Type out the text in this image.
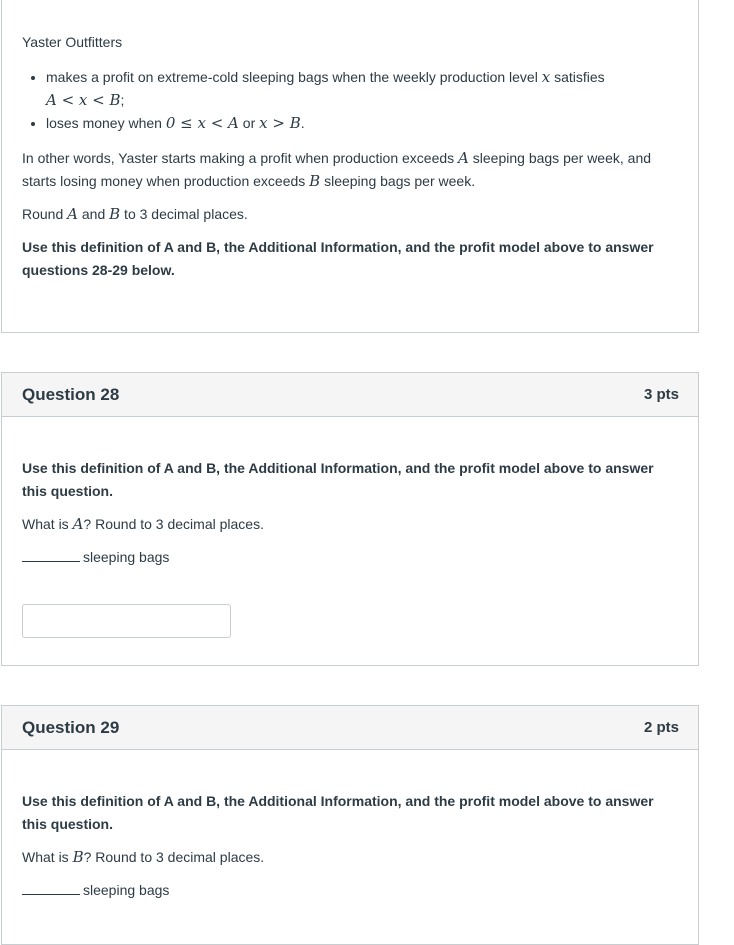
Yaster Outfitters

• makes a profit on extreme-cold sleeping bags when the weekly production level x satisfies
A < x < B;
• loses money when 0 ≤ x < A or x > B.

In other words, Yaster starts making a profit when production exceeds A sleeping bags per week, and starts losing money when production exceeds B sleeping bags per week.

Round A and B to 3 decimal places.

Use this definition of A and B, the Additional Information, and the profit model above to answer questions 28-29 below.

Question 28	3 pts

Use this definition of A and B, the Additional Information, and the profit model above to answer this question.

What is A? Round to 3 decimal places.

sleeping bags

Question 29	2 pts

Use this definition of A and B, the Additional Information, and the profit model above to answer this question.

What is B? Round to 3 decimal places.

sleeping bags
